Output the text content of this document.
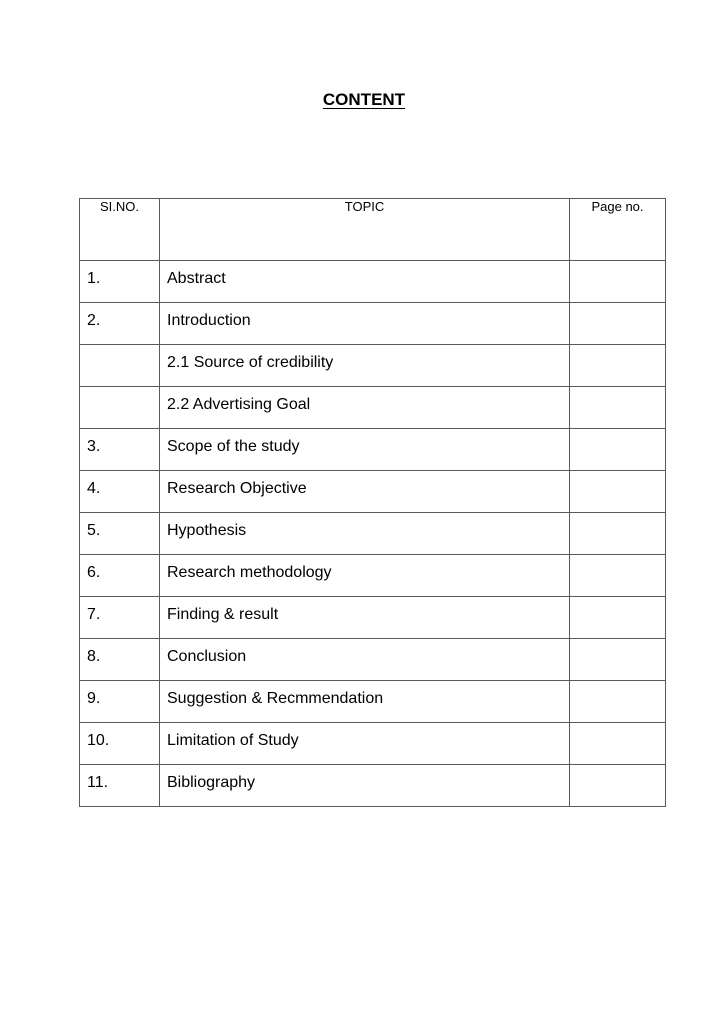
CONTENT
SI.NO.	TOPIC	Page no.
1.	Abstract	
2.	Introduction	
	2.1 Source of credibility	
	2.2 Advertising Goal	
3.	Scope of the study	
4.	Research Objective	
5.	Hypothesis	
6.	Research methodology	
7.	Finding & result	
8.	Conclusion	
9.	Suggestion & Recmmendation	
10.	Limitation of Study	
11.	Bibliography	
